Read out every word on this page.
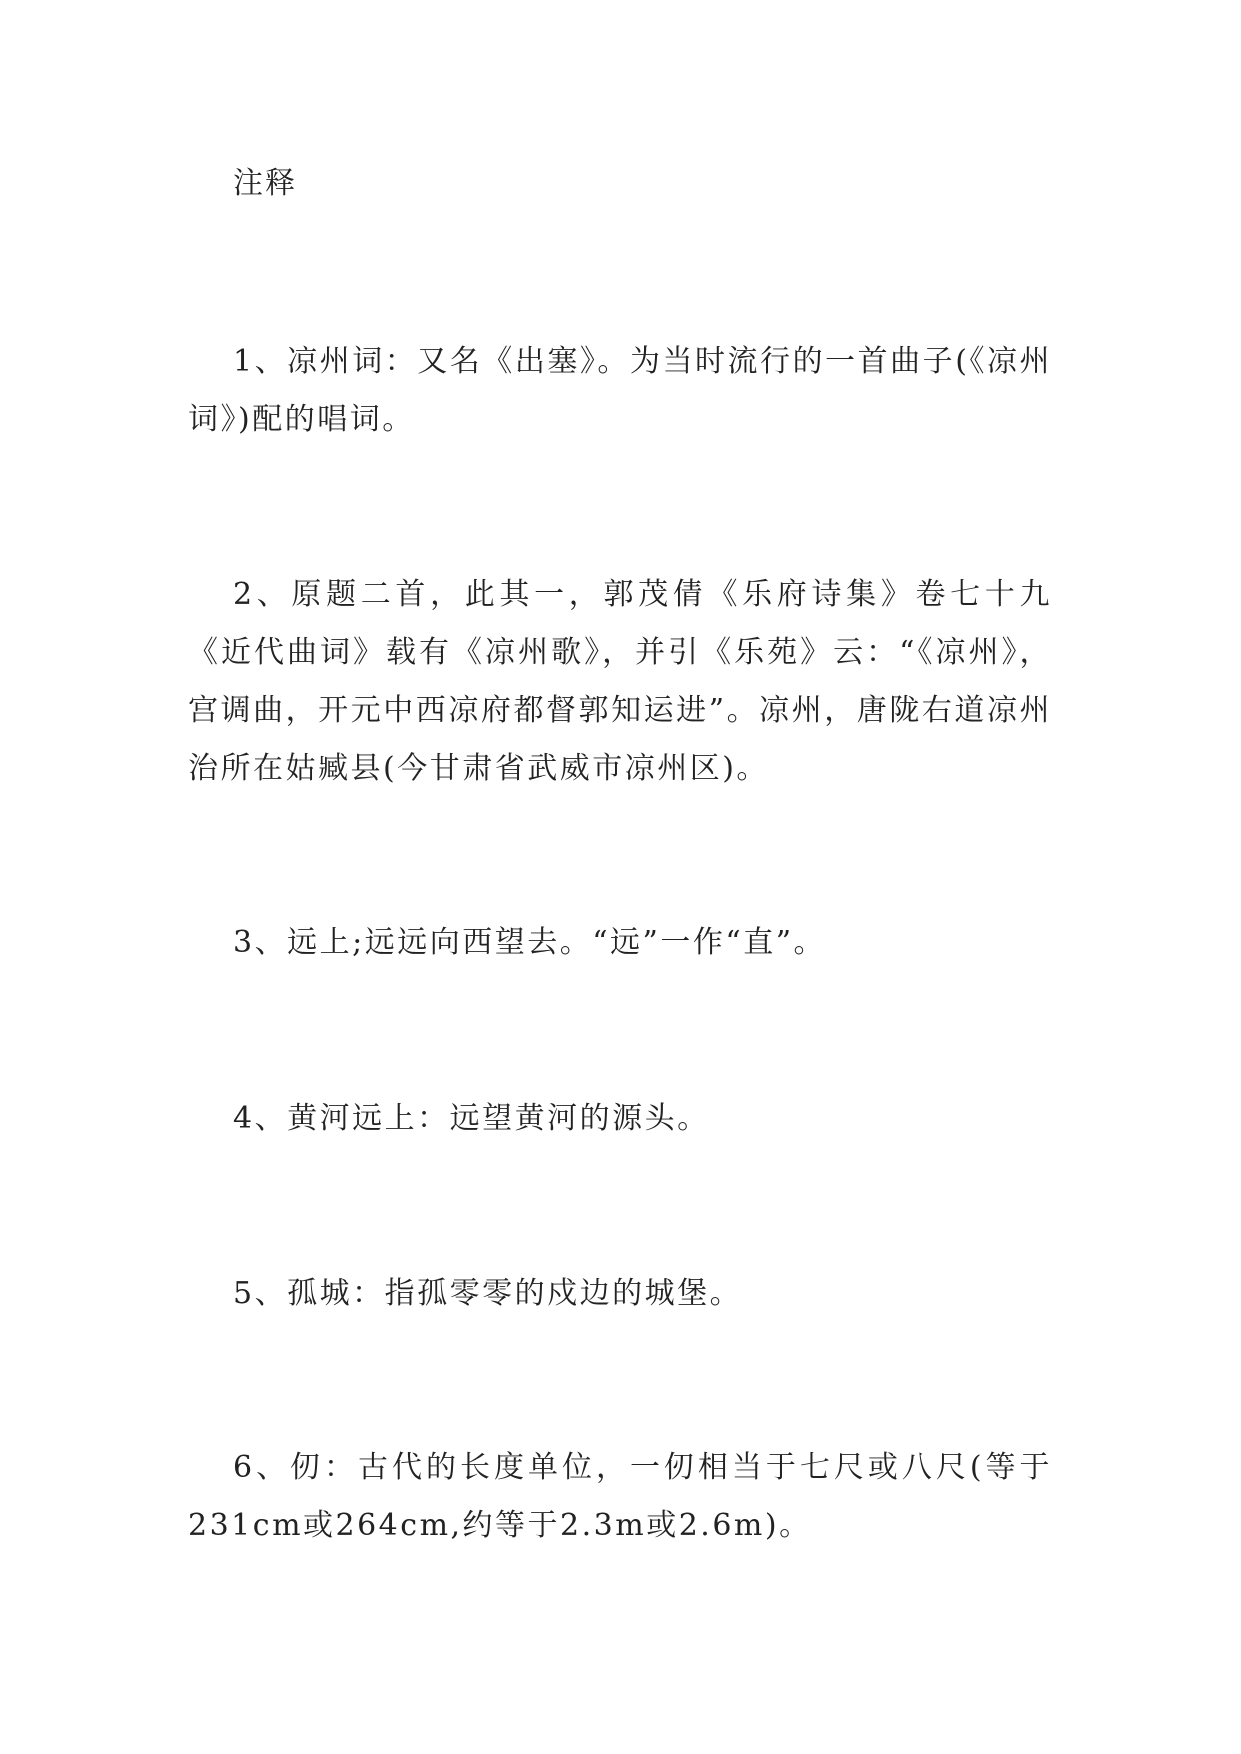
注释

1、凉州词：又名《出塞》。为当时流行的一首曲子(《凉州词》)配的唱词。

2、原题二首，此其一，郭茂倩《乐府诗集》卷七十九《近代曲词》载有《凉州歌》，并引《乐苑》云：“《凉州》，宫调曲，开元中西凉府都督郭知运进”。凉州，唐陇右道凉州治所在姑臧县(今甘肃省武威市凉州区)。

3、远上;远远向西望去。“远”一作“直”。

4、黄河远上：远望黄河的源头。

5、孤城：指孤零零的戍边的城堡。

6、仞：古代的长度单位，一仞相当于七尺或八尺(等于231cm或264cm,约等于2.3m或2.6m)。
